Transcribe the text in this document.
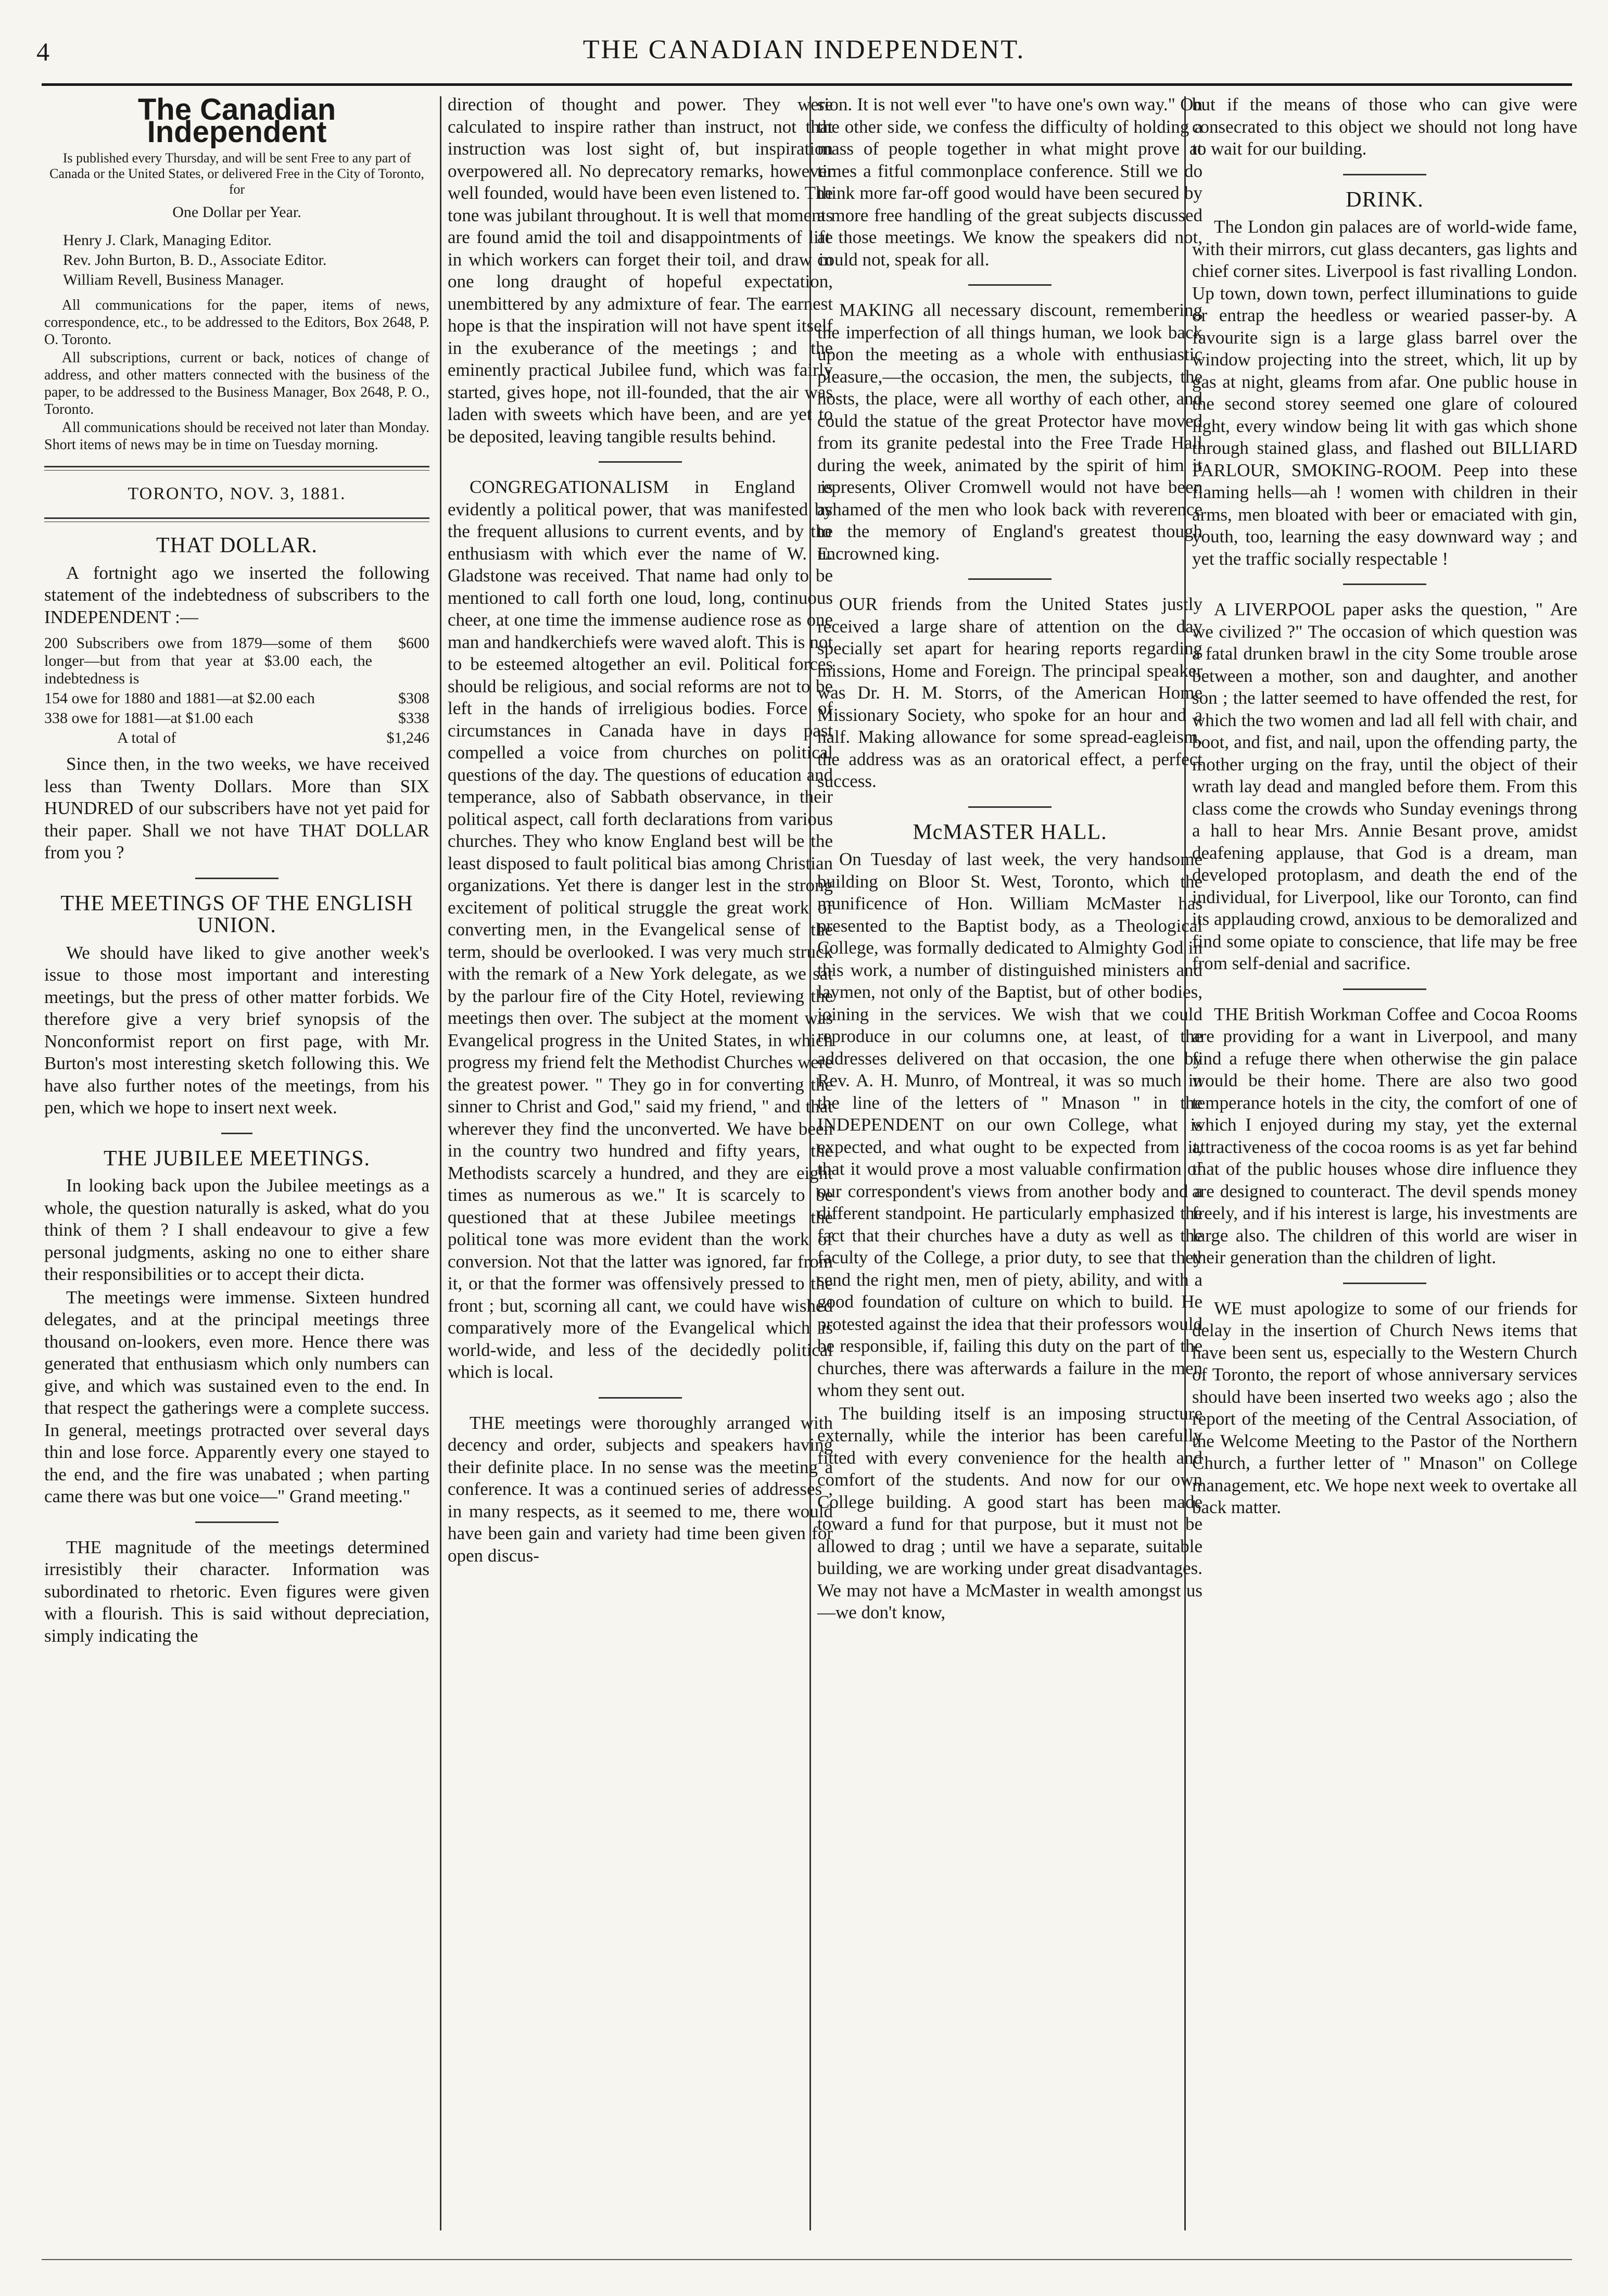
4	THE CANADIAN INDEPENDENT.
The Canadian Independent

Is published every Thursday, and will be sent Free to any part of Canada or the United States, or delivered Free in the City of Toronto, for

One Dollar per Year.

Henry J. Clark, Managing Editor.

Rev. John Burton, B. D., Associate Editor.

William Revell, Business Manager.

All communications for the paper, items of news, correspondence, etc., to be addressed to the Editors, Box 2648, P. O. Toronto.

All subscriptions, current or back, notices of change of address, and other matters connected with the business of the paper, to be addressed to the Business Manager, Box 2648, P. O., Toronto.

All communications should be received not later than Monday. Short items of news may be in time on Tuesday morning.

TORONTO, NOV. 3, 1881.
THAT DOLLAR.

A fortnight ago we inserted the following statement of the indebtedness of subscribers to the INDEPENDENT :—

200 Subscribers owe from 1879—some of them longer—but from that year at $3.00 each, the indebtedness is	$600
154 owe for 1880 and 1881—at $2.00 each	$308
338 owe for 1881—at $1.00 each	$338
A total of	$1,246

Since then, in the two weeks, we have received less than Twenty Dollars. More than SIX HUNDRED of our subscribers have not yet paid for their paper. Shall we not have THAT DOLLAR from you ?

THE MEETINGS OF THE ENGLISH UNION.

We should have liked to give another week's issue to those most important and interesting meetings, but the press of other matter forbids. We therefore give a very brief synopsis of the Nonconformist report on first page, with Mr. Burton's most interesting sketch following this. We have also further notes of the meetings, from his pen, which we hope to insert next week.

THE JUBILEE MEETINGS.

In looking back upon the Jubilee meetings as a whole, the question naturally is asked, what do you think of them ? I shall endeavour to give a few personal judgments, asking no one to either share their responsibilities or to accept their dicta.

The meetings were immense. Sixteen hundred delegates, and at the principal meetings three thousand on-lookers, even more. Hence there was generated that enthusiasm which only numbers can give, and which was sustained even to the end. In that respect the gatherings were a complete success. In general, meetings protracted over several days thin and lose force. Apparently every one stayed to the end, and the fire was unabated ; when parting came there was but one voice—" Grand meeting."

THE magnitude of the meetings determined irresistibly their character. Information was subordinated to rhetoric. Even figures were given with a flourish. This is said without depreciation, simply indicating the

direction of thought and power. They were calculated to inspire rather than instruct, not that instruction was lost sight of, but inspiration overpowered all. No deprecatory remarks, however well founded, would have been even listened to. The tone was jubilant throughout. It is well that moments are found amid the toil and disappointments of life in which workers can forget their toil, and draw in one long draught of hopeful expectation, unembittered by any admixture of fear. The earnest hope is that the inspiration will not have spent itself in the exuberance of the meetings ; and the eminently practical Jubilee fund, which was fairly started, gives hope, not ill-founded, that the air was laden with sweets which have been, and are yet to be deposited, leaving tangible results behind.

CONGREGATIONALISM in England is evidently a political power, that was manifested by the frequent allusions to current events, and by the enthusiasm with which ever the name of W. E. Gladstone was received. That name had only to be mentioned to call forth one loud, long, continuous cheer, at one time the immense audience rose as one man and handkerchiefs were waved aloft. This is not to be esteemed altogether an evil. Political forces should be religious, and social reforms are not to be left in the hands of irreligious bodies. Force of circumstances in Canada have in days past compelled a voice from churches on political questions of the day. The questions of education and temperance, also of Sabbath observance, in their political aspect, call forth declarations from various churches. They who know England best will be the least disposed to fault political bias among Christian organizations. Yet there is danger lest in the strong excitement of political struggle the great work of converting men, in the Evangelical sense of the term, should be overlooked. I was very much struck with the remark of a New York delegate, as we sat by the parlour fire of the City Hotel, reviewing the meetings then over. The subject at the moment was Evangelical progress in the United States, in which progress my friend felt the Methodist Churches were the greatest power. " They go in for converting the sinner to Christ and God," said my friend, " and that wherever they find the unconverted. We have been in the country two hundred and fifty years, the Methodists scarcely a hundred, and they are eight times as numerous as we." It is scarcely to be questioned that at these Jubilee meetings the political tone was more evident than the work of conversion. Not that the latter was ignored, far from it, or that the former was offensively pressed to the front ; but, scorning all cant, we could have wished comparatively more of the Evangelical which is world-wide, and less of the decidedly political which is local.

THE meetings were thoroughly arranged with decency and order, subjects and speakers having their definite place. In no sense was the meeting a conference. It was a continued series of addresses , in many respects, as it seemed to me, there would have been gain and variety had time been given for open discus-

sion. It is not well ever "to have one's own way." On the other side, we confess the difficulty of holding a mass of people together in what might prove at times a fitful commonplace conference. Still we do think more far-off good would have been secured by a more free handling of the great subjects discussed at those meetings. We know the speakers did not, could not, speak for all.

MAKING all necessary discount, remembering the imperfection of all things human, we look back upon the meeting as a whole with enthusiastic pleasure,—the occasion, the men, the subjects, the hosts, the place, were all worthy of each other, and could the statue of the great Protector have moved from its granite pedestal into the Free Trade Hall during the week, animated by the spirit of him it represents, Oliver Cromwell would not have been ashamed of the men who look back with reverence to the memory of England's greatest though uncrowned king.

OUR friends from the United States justly received a large share of attention on the day specially set apart for hearing reports regarding missions, Home and Foreign. The principal speaker was Dr. H. M. Storrs, of the American Home Missionary Society, who spoke for an hour and a half. Making allowance for some spread-eagleism, the address was as an oratorical effect, a perfect success.

McMASTER HALL.

On Tuesday of last week, the very handsome building on Bloor St. West, Toronto, which the munificence of Hon. William McMaster has presented to the Baptist body, as a Theological College, was formally dedicated to Almighty God in this work, a number of distinguished ministers and laymen, not only of the Baptist, but of other bodies, joining in the services. We wish that we could reproduce in our columns one, at least, of the addresses delivered on that occasion, the one by Rev. A. H. Munro, of Montreal, it was so much in the line of the letters of " Mnason " in the INDEPENDENT on our own College, what is expected, and what ought to be expected from it, that it would prove a most valuable confirmation of our correspondent's views from another body and a different standpoint. He particularly emphasized the fact that their churches have a duty as well as the faculty of the College, a prior duty, to see that they send the right men, men of piety, ability, and with a good foundation of culture on which to build. He protested against the idea that their professors would be responsible, if, failing this duty on the part of the churches, there was afterwards a failure in the men whom they sent out.

The building itself is an imposing structure externally, while the interior has been carefully fitted with every convenience for the health and comfort of the students. And now for our own College building. A good start has been made toward a fund for that purpose, but it must not be allowed to drag ; until we have a separate, suitable building, we are working under great disadvantages. We may not have a McMaster in wealth amongst us—we don't know,

but if the means of those who can give were consecrated to this object we should not long have to wait for our building.

DRINK.

The London gin palaces are of world-wide fame, with their mirrors, cut glass decanters, gas lights and chief corner sites. Liverpool is fast rivalling London. Up town, down town, perfect illuminations to guide or entrap the heedless or wearied passer-by. A favourite sign is a large glass barrel over the window projecting into the street, which, lit up by gas at night, gleams from afar. One public house in the second storey seemed one glare of coloured light, every window being lit with gas which shone through stained glass, and flashed out BILLIARD PARLOUR, SMOKING-ROOM. Peep into these flaming hells—ah ! women with children in their arms, men bloated with beer or emaciated with gin, youth, too, learning the easy downward way ; and yet the traffic socially respectable !

A LIVERPOOL paper asks the question, " Are we civilized ?" The occasion of which question was a fatal drunken brawl in the city Some trouble arose between a mother, son and daughter, and another son ; the latter seemed to have offended the rest, for which the two women and lad all fell with chair, and boot, and fist, and nail, upon the offending party, the mother urging on the fray, until the object of their wrath lay dead and mangled before them. From this class come the crowds who Sunday evenings throng a hall to hear Mrs. Annie Besant prove, amidst deafening applause, that God is a dream, man developed protoplasm, and death the end of the individual, for Liverpool, like our Toronto, can find its applauding crowd, anxious to be demoralized and find some opiate to conscience, that life may be free from self-denial and sacrifice.

THE British Workman Coffee and Cocoa Rooms are providing for a want in Liverpool, and many find a refuge there when otherwise the gin palace would be their home. There are also two good temperance hotels in the city, the comfort of one of which I enjoyed during my stay, yet the external attractiveness of the cocoa rooms is as yet far behind that of the public houses whose dire influence they are designed to counteract. The devil spends money freely, and if his interest is large, his investments are large also. The children of this world are wiser in their generation than the children of light.

WE must apologize to some of our friends for delay in the insertion of Church News items that have been sent us, especially to the Western Church of Toronto, the report of whose anniversary services should have been inserted two weeks ago ; also the report of the meeting of the Central Association, of the Welcome Meeting to the Pastor of the Northern Church, a further letter of " Mnason" on College management, etc. We hope next week to overtake all back matter.
